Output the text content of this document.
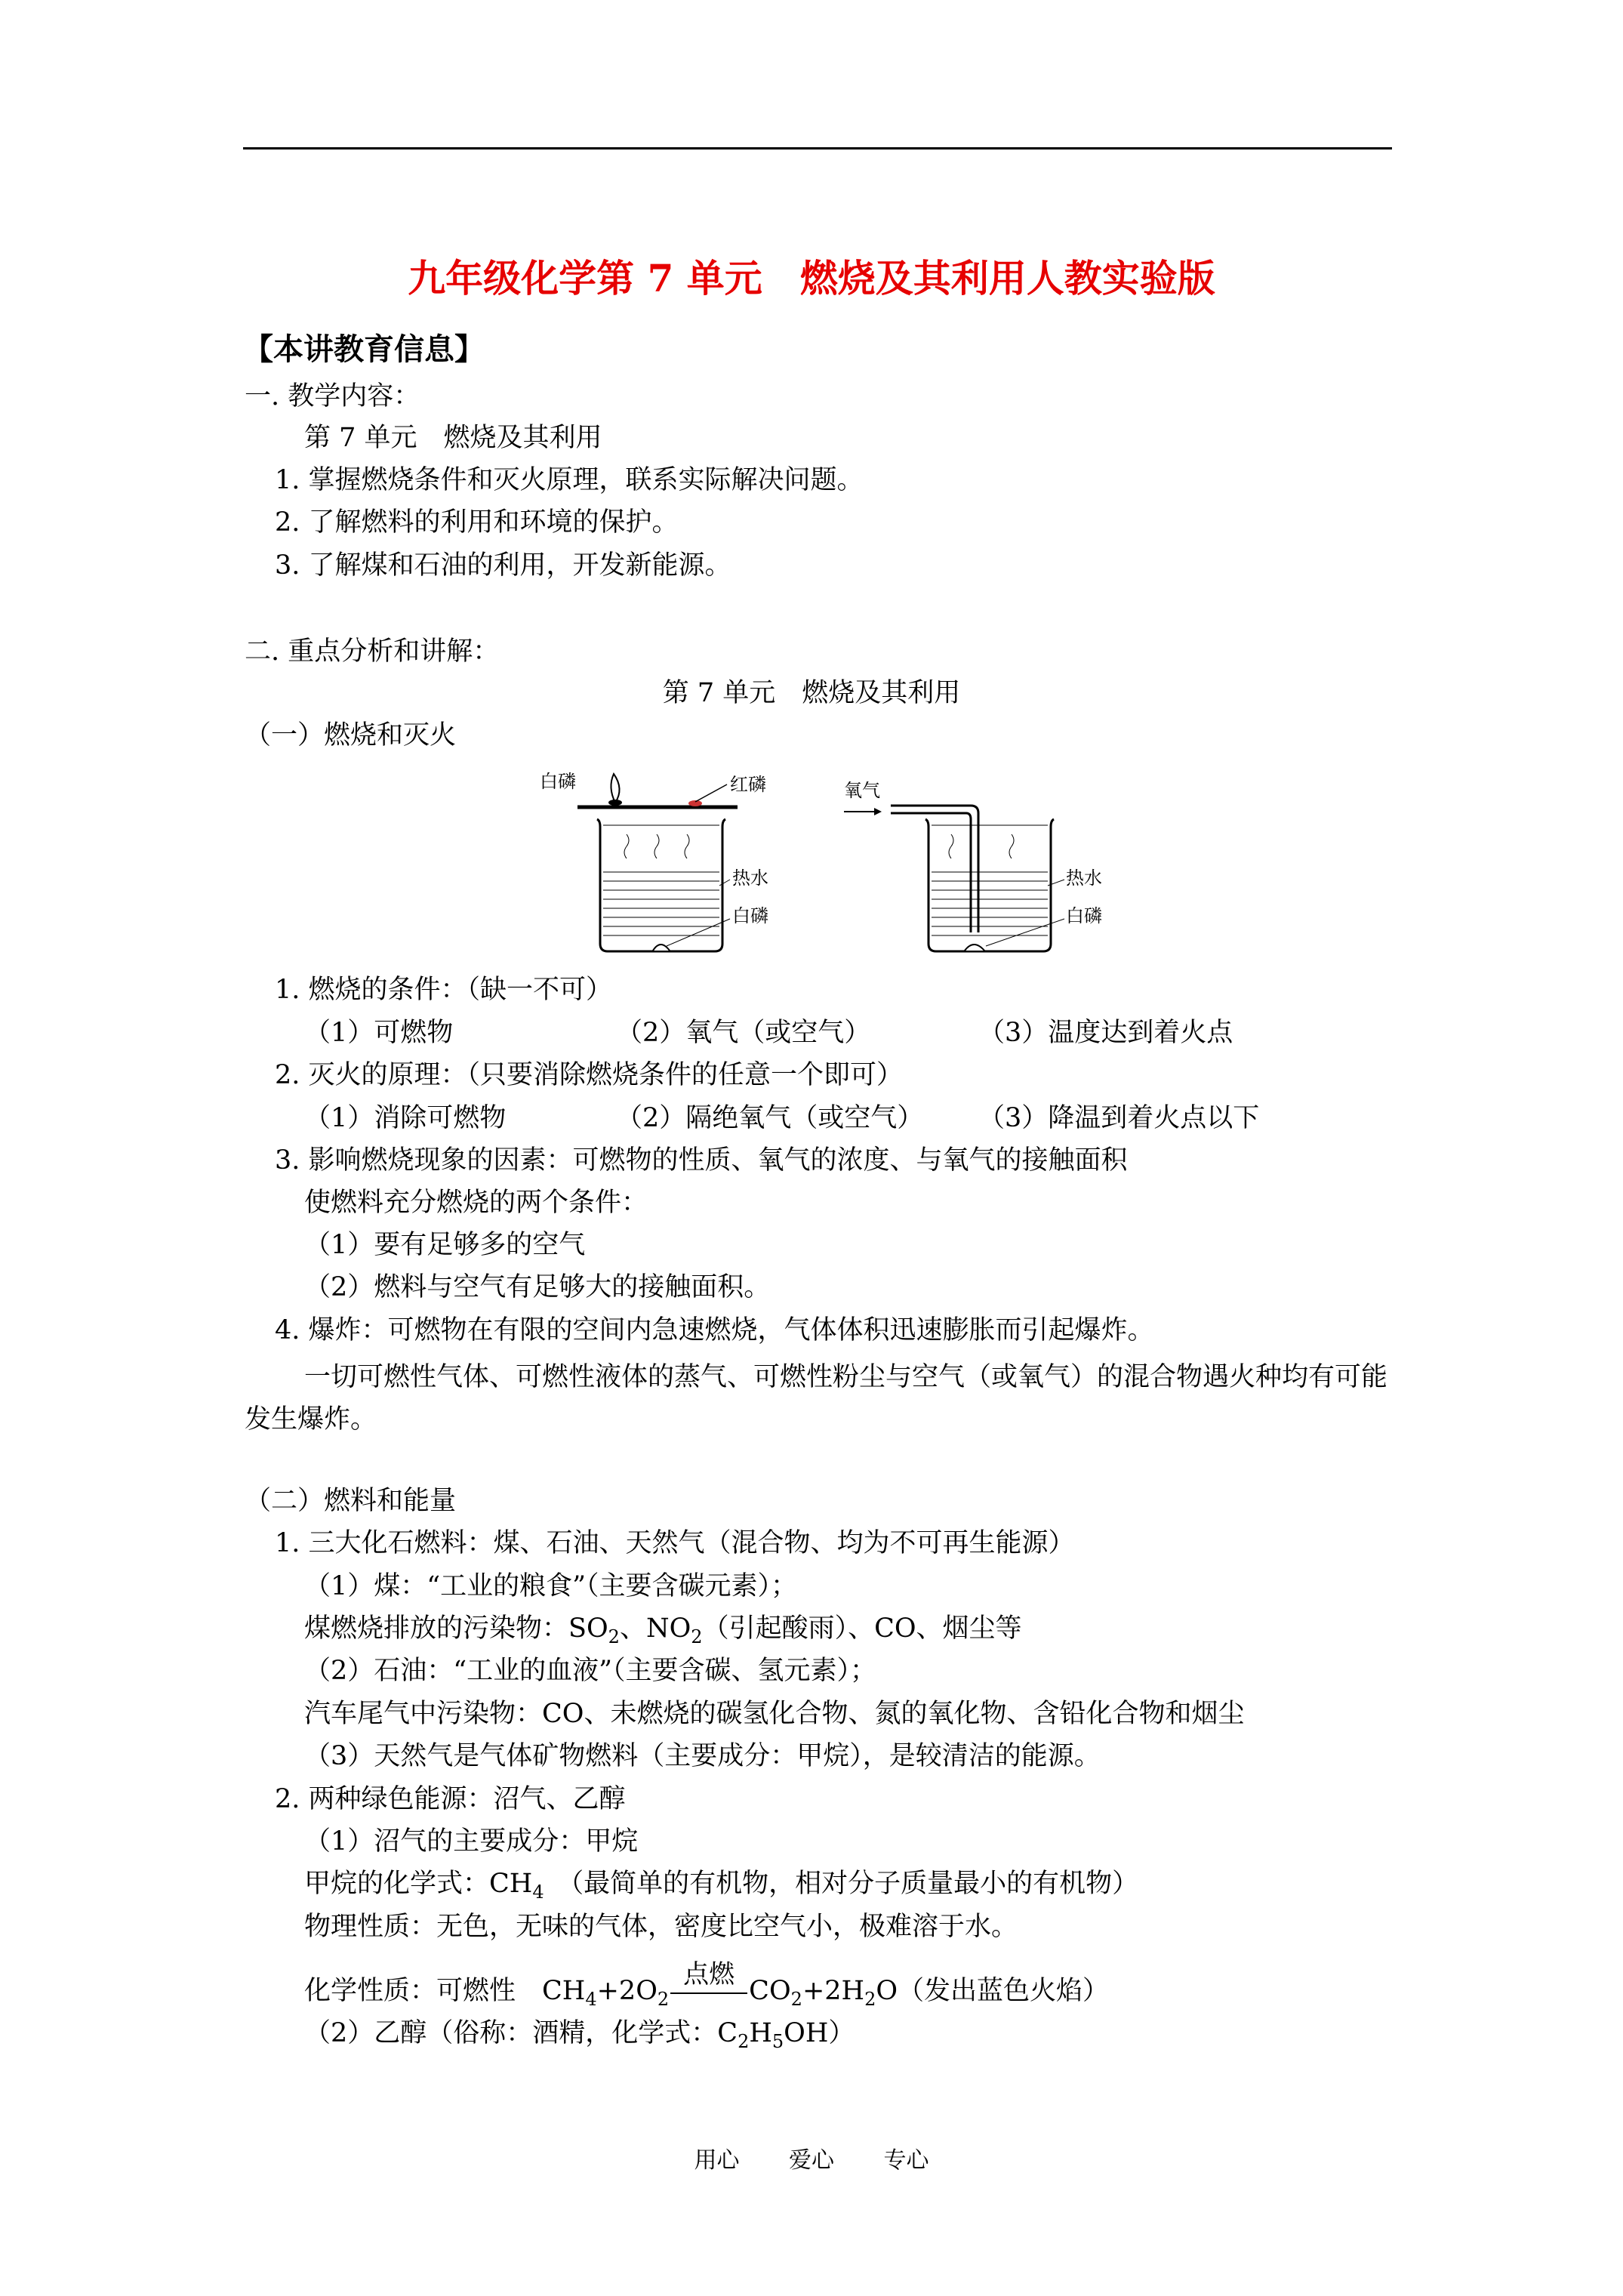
九年级化学第 7 单元　燃烧及其利用人教实验版
【本讲教育信息】
一. 教学内容：
第 7 单元　燃烧及其利用
1. 掌握燃烧条件和灭火原理，联系实际解决问题。
2. 了解燃料的利用和环境的保护。
3. 了解煤和石油的利用，开发新能源。
二. 重点分析和讲解：
第 7 单元　燃烧及其利用
（一）燃烧和灭火
白磷	红磷
热水
白磷
氧气
热水
白磷
1. 燃烧的条件：（缺一不可）
（1）可燃物	（2）氧气（或空气）	（3）温度达到着火点
2. 灭火的原理：（只要消除燃烧条件的任意一个即可）
（1）消除可燃物	（2）隔绝氧气（或空气） （3）降温到着火点以下
3. 影响燃烧现象的因素：可燃物的性质、氧气的浓度、与氧气的接触面积
使燃料充分燃烧的两个条件：
（1）要有足够多的空气
（2）燃料与空气有足够大的接触面积。
4. 爆炸：可燃物在有限的空间内急速燃烧，气体体积迅速膨胀而引起爆炸。
一切可燃性气体、可燃性液体的蒸气、可燃性粉尘与空气（或氧气）的混合物遇火种均有可能发生爆炸。
（二）燃料和能量
1. 三大化石燃料：煤、石油、天然气（混合物、均为不可再生能源）
（1）煤：“工业的粮食”（主要含碳元素）；
煤燃烧排放的污染物：$SO_2$、$NO_2$（引起酸雨）、CO、烟尘等
（2）石油：“工业的血液”（主要含碳、氢元素）；
汽车尾气中污染物：CO、未燃烧的碳氢化合物、氮的氧化物、含铅化合物和烟尘
（3）天然气是气体矿物燃料（主要成分：甲烷），是较清洁的能源。
2. 两种绿色能源：沼气、乙醇
（1）沼气的主要成分：甲烷
甲烷的化学式：$CH_4$　（最简单的有机物，相对分子质量最小的有机物）
物理性质：无色，无味的气体，密度比空气小，极难溶于水。
化学性质：可燃性　$CH_4+2O_2$
点燃
$CO_2+2H_2O$（发出蓝色火焰）
（2）乙醇（俗称：酒精，化学式：$C_2H_5OH$）
用心 爱心 专心
